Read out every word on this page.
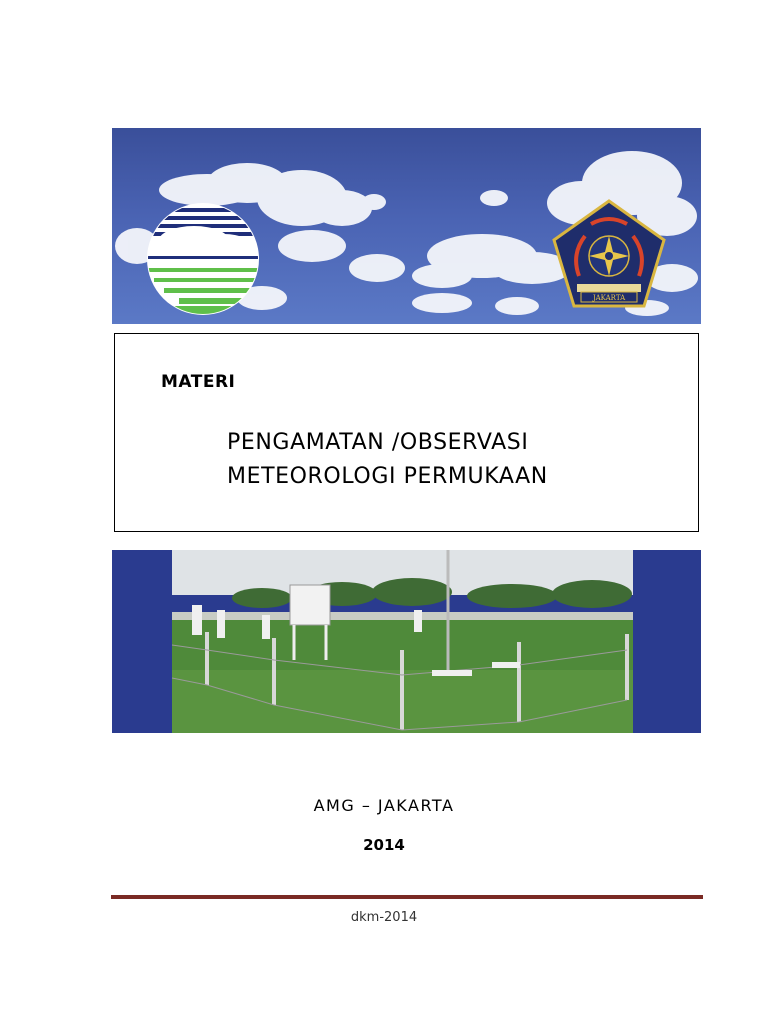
JAKARTA
MATERI
PENGAMATAN /OBSERVASI
METEOROLOGI PERMUKAAN
AMG – JAKARTA
2014
dkm-2014
